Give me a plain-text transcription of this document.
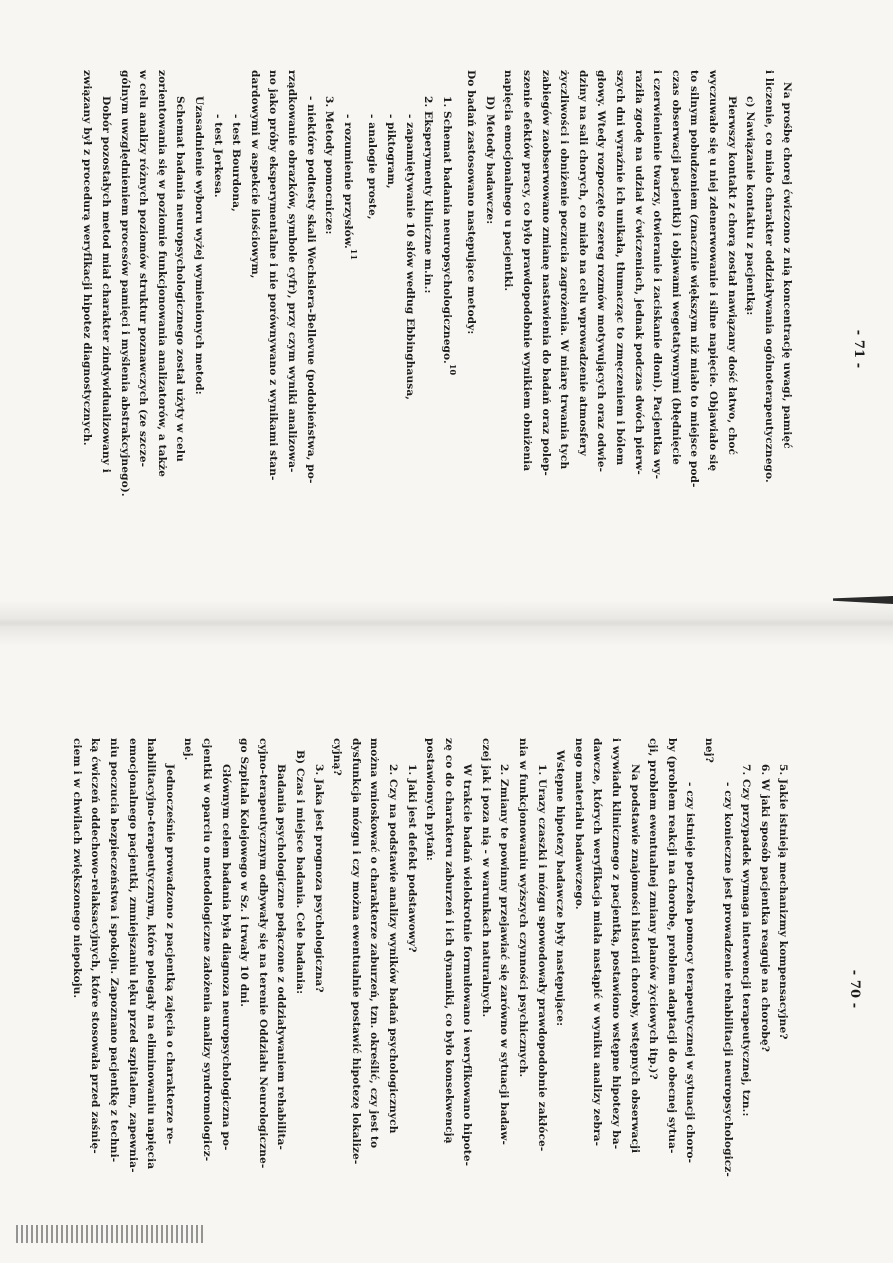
- 71 -

Na prośbę chorej ćwiczono z nią koncentrację uwagi, pamięć

i liczenie, co miało charakter oddziaływania ogólnoterapeutycznego.

c) Nawiązanie kontaktu z pacjentką:

Pierwszy kontakt z chorą został nawiązany dość łatwo, choć

wyczuwało się u niej zdenerwowanie i silne napięcie. Objawiało się

to silnym pobudzeniem (znacznie większym niż miało to miejsce pod-

czas obserwacji pacjentki) i objawami wegetatywnymi (błędnięcie

i czerwienienie twarzy, otwieranie i zaciskanie dłoni). Pacjentka wy-

raziła zgodę na udział w ćwiczeniach, jednak podczas dwóch pierw-

szych dni wyraźnie ich unikała, tłumacząc to zmęczeniem i bólem

głowy. Wtedy rozpoczęto szereg rozmów motywujących oraz odwie-

dziny na sali chorych, co miało na celu wprowadzenie atmosfery

życzliwości i obniżenie poczucia zagrożenia. W miarę trwania tych

zabiegów zaobserwowano zmianę nastawienia do badań oraz polep-

szenie efektów pracy, co było prawdopodobnie wynikiem obniżenia

napięcia emocjonalnego u pacjentki.

D) Metody badawcze:

Do badań zastosowano następujące metody:

1. Schemat badania neuropsychologicznego.$^{10}$

2. Eksperymenty kliniczne m.in.:

- zapamiętywanie 10 słów według Ebbinghausa,

- piktogram,

- analogie proste,

- rozumienie przysłów.$^{11}$

3. Metody pomocnicze:

- niektóre podtesty skali Wechslera-Bellevue (podobieństwa, po-

rządkowanie obrazków, symbole cyfr), przy czym wyniki analizowa-

no jako próby eksperymentalne i nie porównywano z wynikami stan-

dardowymi w aspekcie ilościowym,

- test Bourdona,

- test Jerkesa.

Uzasadnienie wyboru wyżej wymienionych metod:

Schemat badania neuropsychologicznego został użyty w celu

zorientowania się w poziomie funkcjonowania analizatorów, a także

w celu analizy różnych poziomów struktur poznawczych (ze szcze-

gólnym uwzględnieniem procesów pamięci i myślenia abstrakcyjnego).

Dobór pozostałych metod miał charakter zindywidualizowany i

związany był z procedurą weryfikacji hipotez diagnostycznych.

- 70 -

5. Jakie istnieją mechanizmy kompensacyjne?

6. W jaki sposób pacjentka reaguje na chorobę?

7. Czy przypadek wymaga interwencji terapeutycznej, tzn.:

- czy konieczne jest prowadzenie rehabilitacji neuropsychologicz-

nej?

- czy istnieje potrzeba pomocy terapeutycznej w sytuacji choro-

by (problem reakcji na chorobę, problem adaptacji do obecnej sytua-

cji, problem ewentualnej zmiany planów życiowych itp.)?

Na podstawie znajomości historii choroby, wstępnych obserwacji

i wywiadu klinicznego z pacjentką, postawiono wstępne hipotezy ba-

dawcze, których weryfikacja miała nastąpić w wyniku analizy zebra-

nego materiału badawczego.

Wstępne hipotezy badawcze były następujące:

1. Urazy czaszki i mózgu spowodowały prawdopodobnie zakłóce-

nia w funkcjonowaniu wyższych czynności psychicznych.

2. Zmiany te powinny przejawiać się zarówno w sytuacji badaw-

czej jak i poza nią - w warunkach naturalnych.

W trakcie badań wielokrotnie formułowano i weryfikowano hipote-

zę co do charakteru zaburzeń i ich dynamiki, co było konsekwencją

postawionych pytań:

1. Jaki jest defekt podstawowy?

2. Czy na podstawie analizy wyników badań psychologicznych

można wnioskować o charakterze zaburzeń, tzn. określić, czy jest to

dysfunkcja mózgu i czy można ewentualnie postawić hipotezę lokalize-

cyjną?

3. Jaka jest prognoza psychologiczna?

B) Czas i miejsce badania. Cele badania:

Badania psychologiczne połączone z oddziaływaniem rehabilita-

cyjno-terapeutycznym odbywały się na terenie Oddziału Neurologiczne-

go Szpitala Kolejowego w Sz. i trwały 10 dni.

Głównym celem badania była diagnoza neuropsychologiczna po-

cjentki w oparciu o metodologiczne założenia analizy syndromologicz-

nej.

Jednocześnie prowadzono z pacjentką zajęcia o charakterze re-

habilitacyjno-terapeutycznym, które polegały na eliminowaniu napięcia

emocjonalnego pacjentki, zmniejszaniu lęku przed szpitalem, zapewnia-

niu poczucia bezpieczeństwa i spokoju. Zapoznano pacjentkę z techni-

ką ćwiczeń oddechowo-relaksacyjnych, które stosowała przed zaśnię-

ciem i w chwilach zwiększonego niepokoju.
